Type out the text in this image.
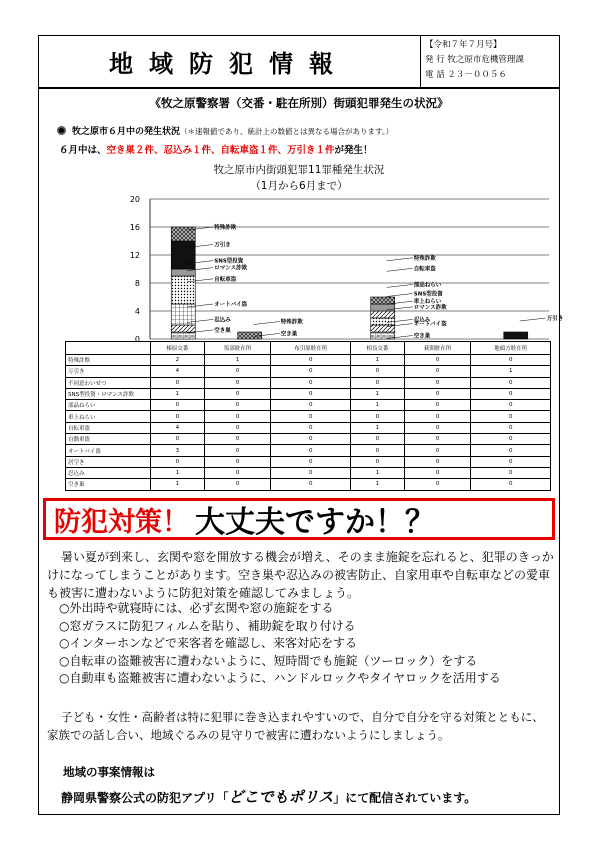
地域防犯情報
【令和７年７月号】
発 行 牧之原市危機管理課
電 話 ２３－００５６
《牧之原警察署（交番・駐在所別）街頭犯罪発生の状況》
牧之原市６月中の発生状況（＊速報値であり、統計上の数値とは異なる場合があります。）
６月中は、空き巣２件、忍込み１件、自転車盗１件、万引き１件が発生！
牧之原市内街頭犯罪11罪種発生状況
（1月から6月まで）
0
4
8
12
16
20
特殊詐欺
万引き
SNS型投資
ロマンス詐欺
自転車盗
オートバイ盗
空き巣
忍込み	特殊詐欺
空き巣
特殊詐欺
自転車盗
車上ねらい
部品ねらい
SNS型投資
ロマンス詐欺
オートバイ盗
忍込み
空き巣
万引き
	榛原交番	坂部駐在所	布引原駐在所	相良交番	萩間駐在所	地頭方駐在所
特殊詐欺	2	1	0	1	0	0
万引き	4	0	0	0	0	1
不同意わいせつ	0	0	0	0	0	0
SNS型投資・ロマンス詐欺	1	0	0	1	0	0
部品ねらい	0	0	0	1	0	0
車上ねらい	0	0	0	0	0	0
自転車盗	4	0	0	1	0	0
自動車盗	0	0	0	0	0	0
オートバイ盗	3	0	0	0	0	0
居空き	0	0	0	0	0	0
忍込み	1	0	0	1	0	0
空き巣	1	0	0	1	0	0
防犯対策！ 大丈夫ですか！？

暑い夏が到来し、玄関や窓を開放する機会が増え、そのまま施錠を忘れると、犯罪のきっかけになってしまうことがあります。空き巣や忍込みの被害防止、自家用車や自転車などの愛車も被害に遭わないように防犯対策を確認してみましょう。

○外出時や就寝時には、必ず玄関や窓の施錠をする
○窓ガラスに防犯フィルムを貼り、補助錠を取り付ける
○インターホンなどで来客者を確認し、来客対応をする
○自転車の盗難被害に遭わないように、短時間でも施錠（ツーロック）をする
○自動車も盗難被害に遭わないように、ハンドルロックやタイヤロックを活用する

子ども・女性・高齢者は特に犯罪に巻き込まれやすいので、自分で自分を守る対策とともに、家族での話し合い、地域ぐるみの見守りで被害に遭わないようにしましょう。

地域の事案情報は
静岡県警察公式の防犯アプリ「どこでもポリス」にて配信されています。
